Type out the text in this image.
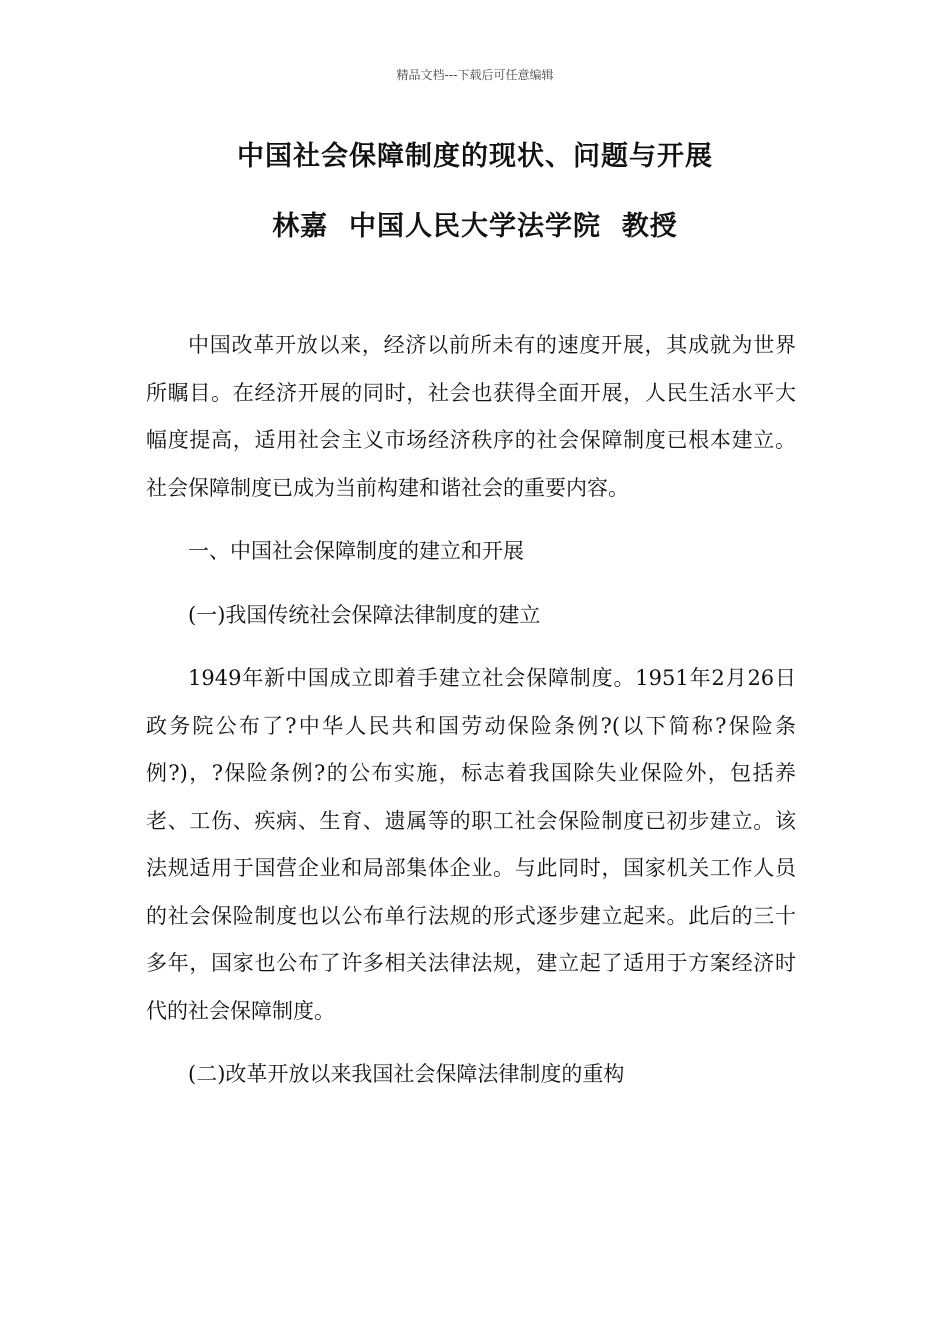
精品文档---下载后可任意编辑
中国社会保障制度的现状、问题与开展
林嘉  中国人民大学法学院  教授

中国改革开放以来，经济以前所未有的速度开展，其成就为世界所瞩目。在经济开展的同时，社会也获得全面开展，人民生活水平大幅度提高，适用社会主义市场经济秩序的社会保障制度已根本建立。社会保障制度已成为当前构建和谐社会的重要内容。

一、中国社会保障制度的建立和开展

(一)我国传统社会保障法律制度的建立

1949年新中国成立即着手建立社会保障制度。1951年2月26日政务院公布了?中华人民共和国劳动保险条例?(以下简称?保险条例?)，?保险条例?的公布实施，标志着我国除失业保险外，包括养老、工伤、疾病、生育、遗属等的职工社会保险制度已初步建立。该法规适用于国营企业和局部集体企业。与此同时，国家机关工作人员的社会保险制度也以公布单行法规的形式逐步建立起来。此后的三十多年，国家也公布了许多相关法律法规，建立起了适用于方案经济时代的社会保障制度。

(二)改革开放以来我国社会保障法律制度的重构
